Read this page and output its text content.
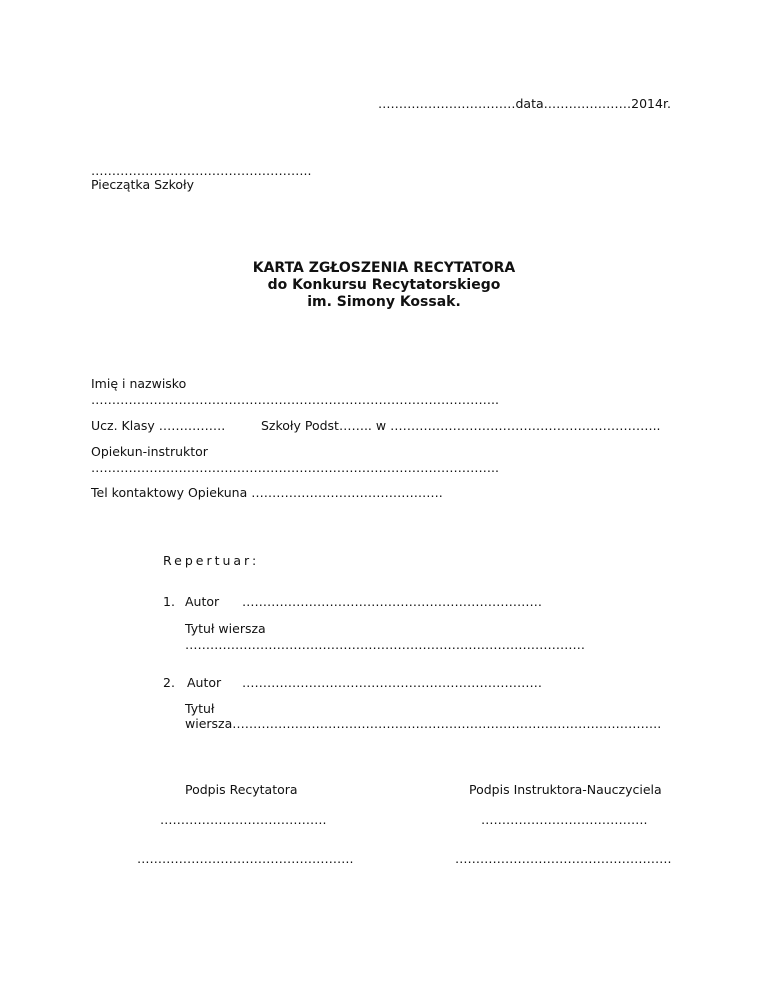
……………………………data…………………2014r.
……………………………………………..
Pieczątka Szkoły
KARTA ZGŁOSZENIA RECYTATORA
do Konkursu Recytatorskiego
im. Simony Kossak.
Imię i nazwisko
……………………………………………………………………………………..
Ucz. Klasy …………….	Szkoły Podst…….. w ………………………………………………………..
Opiekun-instruktor
……………………………………………………………………………………..
Tel kontaktowy Opiekuna ……………………………………….
Repertuar:
1. Autor ………………………………………………………………
Tytuł wiersza
……………………………………………………………………………………
2. Autor ………………………………………………………………
Tytuł
wiersza………………………………………………………………………………………….
Podpis Recytatora	Podpis Instruktora-Nauczyciela
………………………………….	………………………………….
…………………………………………….	…………………………………………….
